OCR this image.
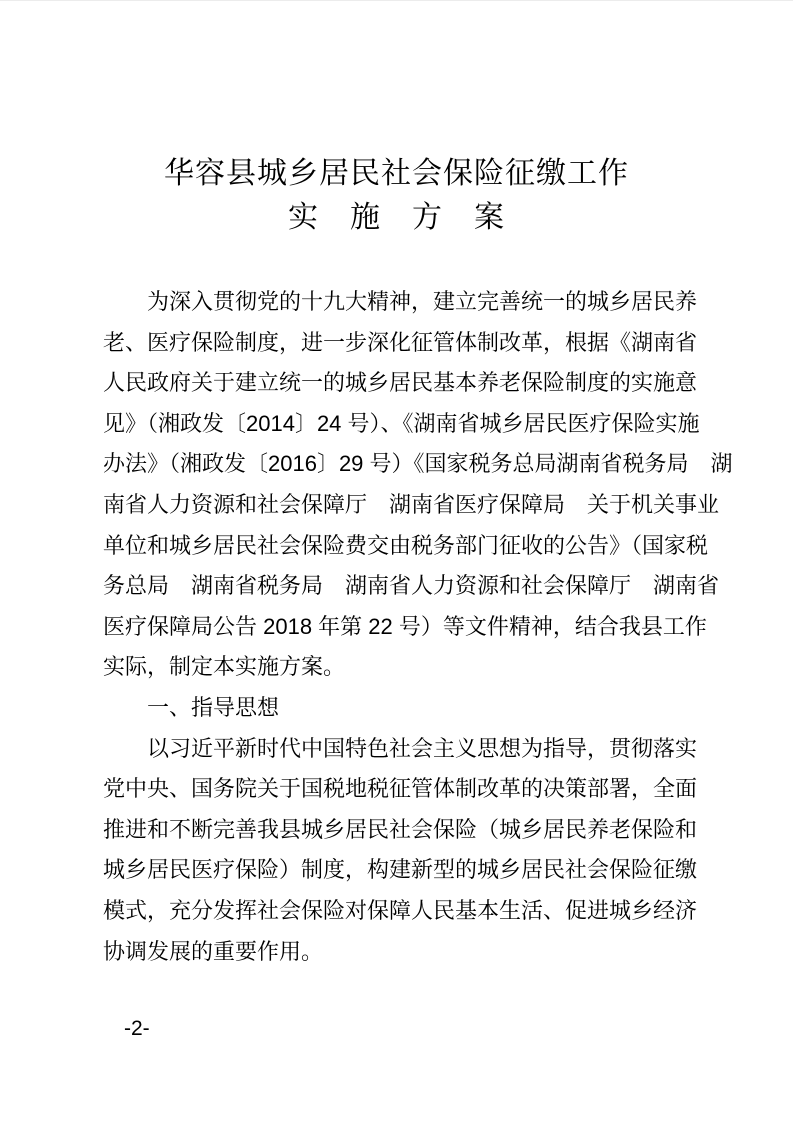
华容县城乡居民社会保险征缴工作
实　施　方　案
为深入贯彻党的十九大精神，建立完善统一的城乡居民养
老、医疗保险制度，进一步深化征管体制改革，根据《湖南省
人民政府关于建立统一的城乡居民基本养老保险制度的实施意
见》（湘政发〔2014〕24 号）、《湖南省城乡居民医疗保险实施
办法》（湘政发〔2016〕29 号）《国家税务总局湖南省税务局　湖
南省人力资源和社会保障厅　湖南省医疗保障局　关于机关事业
单位和城乡居民社会保险费交由税务部门征收的公告》（国家税
务总局　湖南省税务局　湖南省人力资源和社会保障厅　湖南省
医疗保障局公告 2018 年第 22 号）等文件精神，结合我县工作
实际，制定本实施方案。
一、指导思想
以习近平新时代中国特色社会主义思想为指导，贯彻落实
党中央、国务院关于国税地税征管体制改革的决策部署，全面
推进和不断完善我县城乡居民社会保险（城乡居民养老保险和
城乡居民医疗保险）制度，构建新型的城乡居民社会保险征缴
模式，充分发挥社会保险对保障人民基本生活、促进城乡经济
协调发展的重要作用。
-2-
